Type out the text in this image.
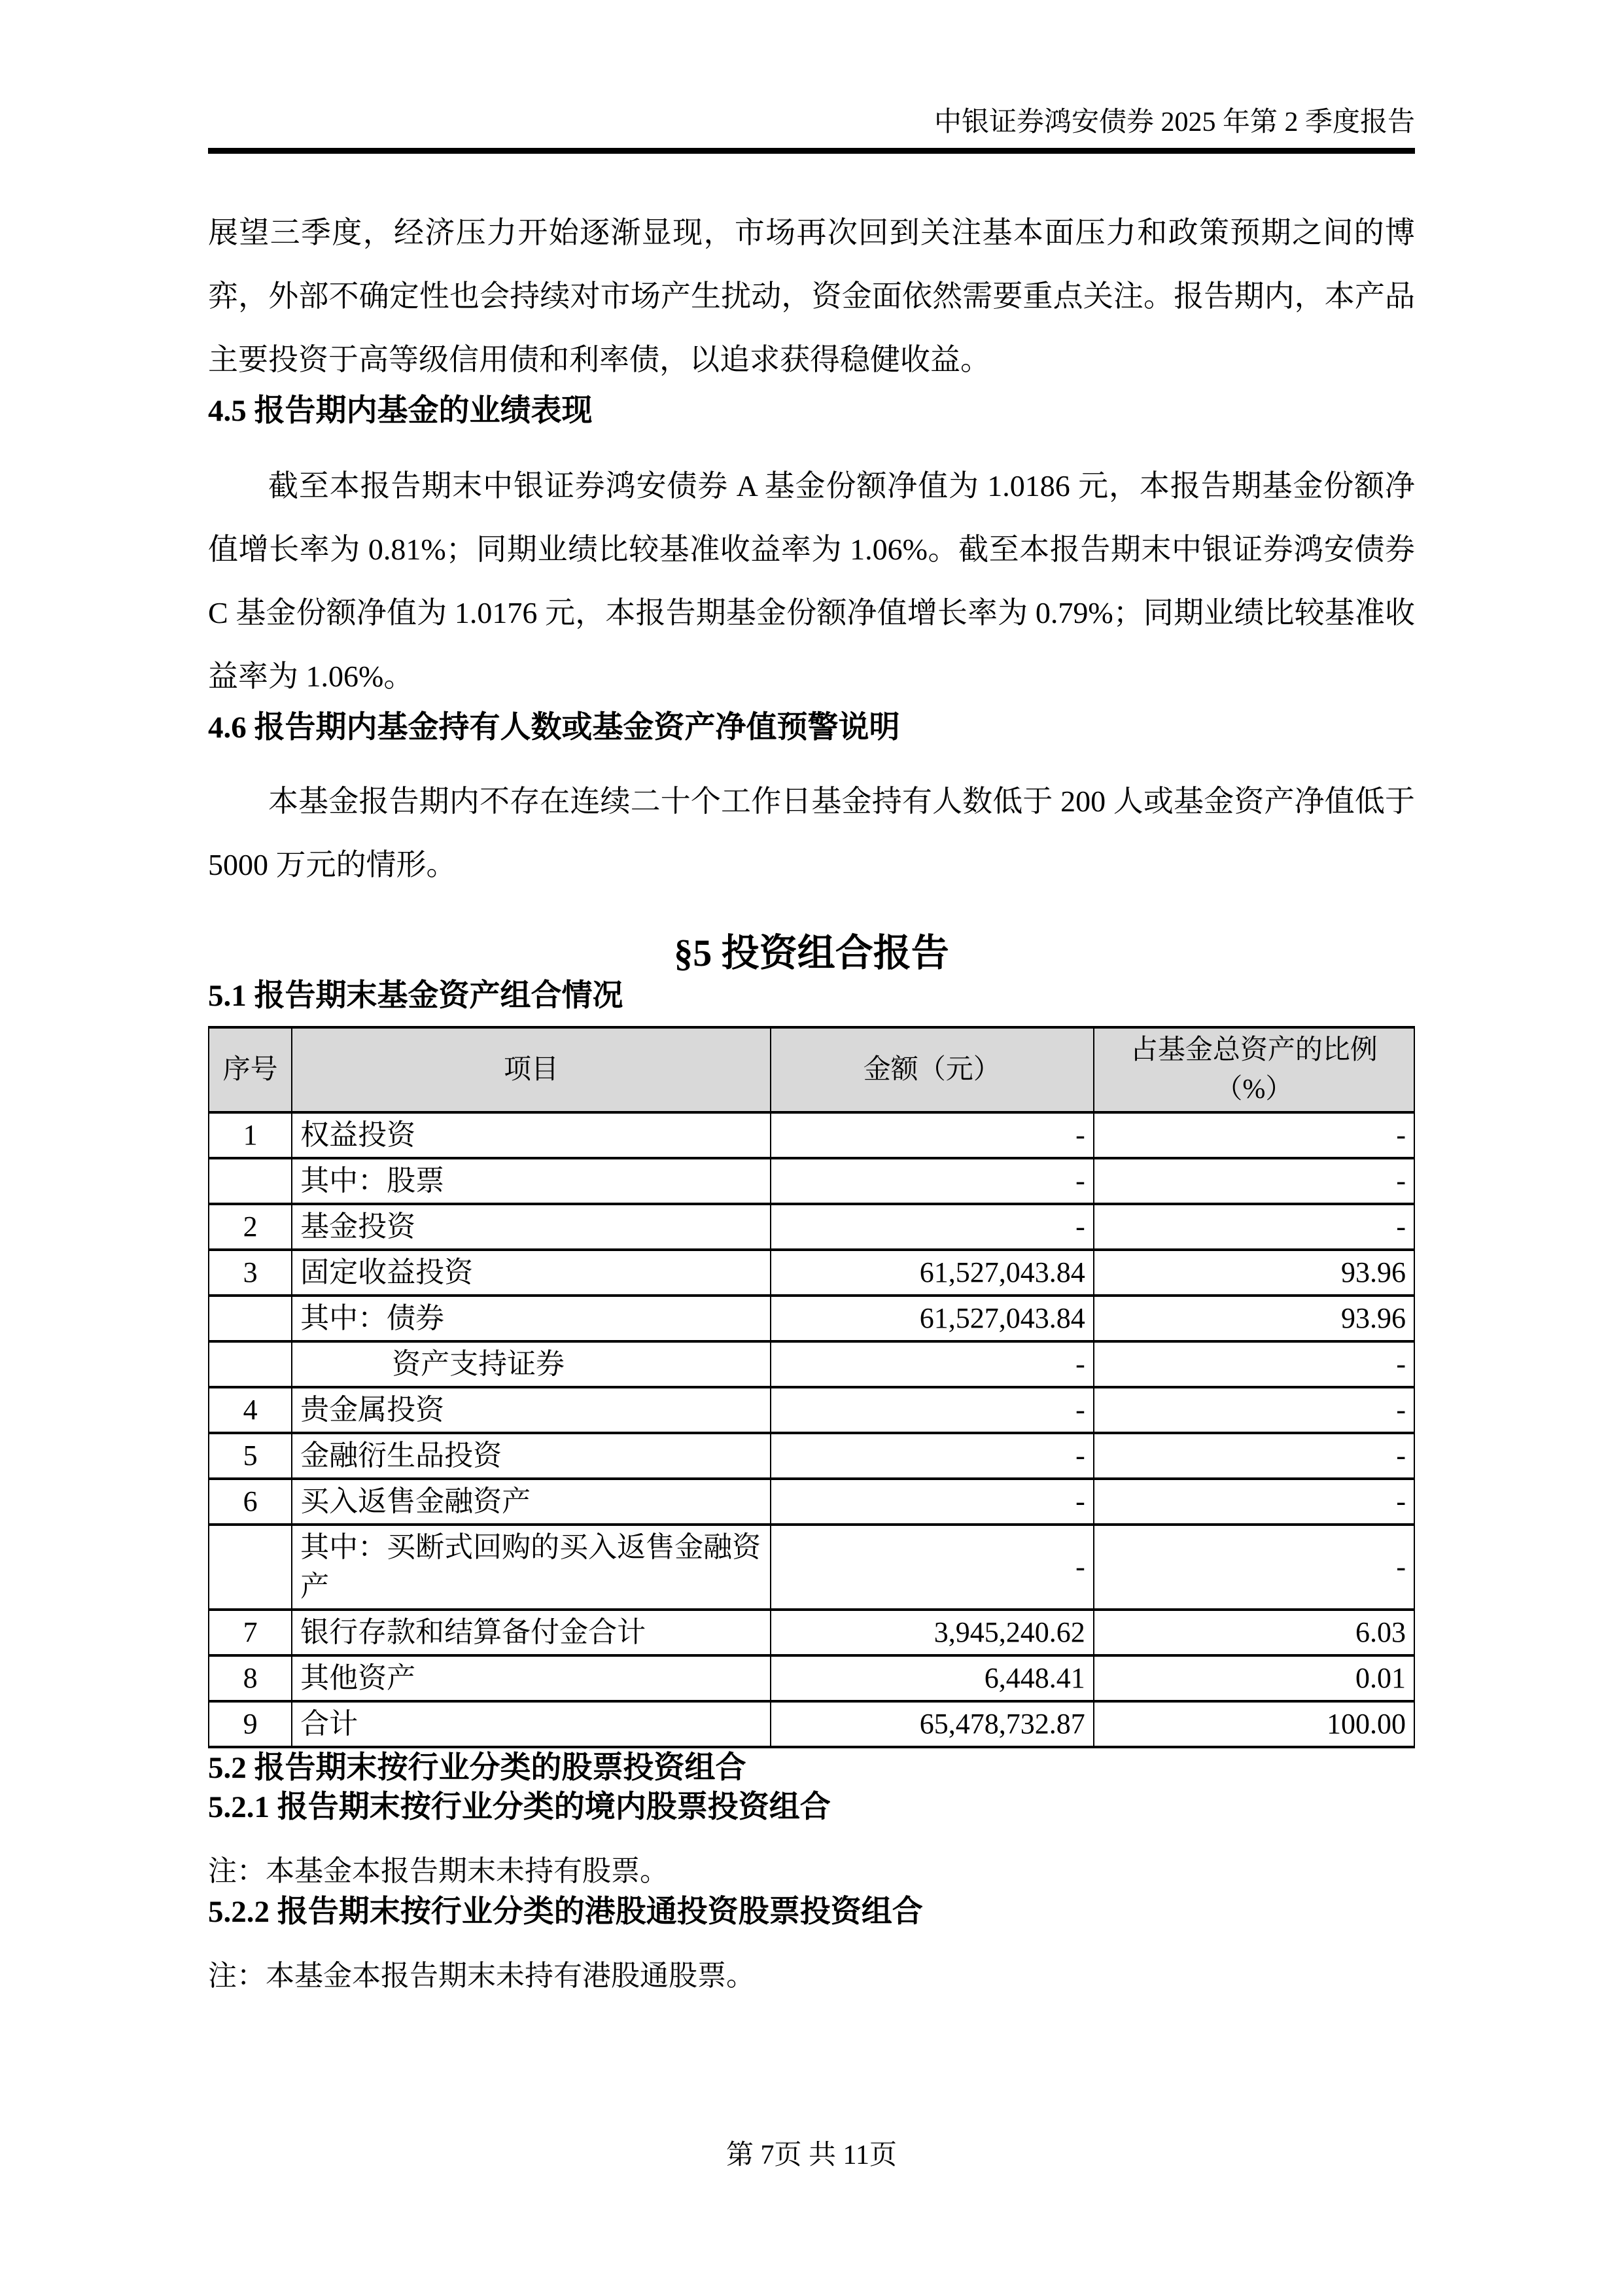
中银证券鸿安债券 2025 年第 2 季度报告

展望三季度，经济压力开始逐渐显现，市场再次回到关注基本面压力和政策预期之间的博弈，外部不确定性也会持续对市场产生扰动，资金面依然需要重点关注。报告期内，本产品主要投资于高等级信用债和利率债，以追求获得稳健收益。

4.5 报告期内基金的业绩表现

截至本报告期末中银证券鸿安债券 A 基金份额净值为 1.0186 元，本报告期基金份额净值增长率为 0.81%；同期业绩比较基准收益率为 1.06%。截至本报告期末中银证券鸿安债券 C 基金份额净值为 1.0176 元，本报告期基金份额净值增长率为 0.79%；同期业绩比较基准收益率为 1.06%。

4.6 报告期内基金持有人数或基金资产净值预警说明

本基金报告期内不存在连续二十个工作日基金持有人数低于 200 人或基金资产净值低于 5000 万元的情形。

§5 投资组合报告
5.1 报告期末基金资产组合情况
序号	项目	金额（元）	占基金总资产的比例（%）
1	权益投资	-	-
	其中：股票	-	-
2	基金投资	-	-
3	固定收益投资	61,527,043.84	93.96
	其中：债券	61,527,043.84	93.96
	资产支持证券	-	-
4	贵金属投资	-	-
5	金融衍生品投资	-	-
6	买入返售金融资产	-	-
	其中：买断式回购的买入返售金融资产	-	-
7	银行存款和结算备付金合计	3,945,240.62	6.03
8	其他资产	6,448.41	0.01
9	合计	65,478,732.87	100.00
5.2 报告期末按行业分类的股票投资组合
5.2.1 报告期末按行业分类的境内股票投资组合

注：本基金本报告期末未持有股票。

5.2.2 报告期末按行业分类的港股通投资股票投资组合

注：本基金本报告期末未持有港股通股票。

第 7页 共 11页
